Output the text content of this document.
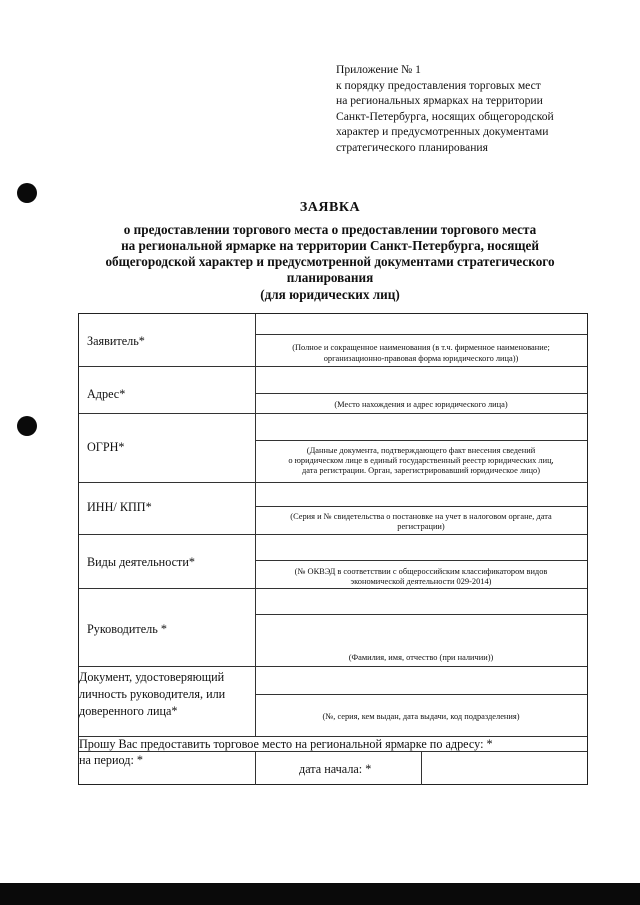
Приложение № 1
к порядку предоставления торговых мест
на региональных ярмарках на территории
Санкт-Петербурга, носящих общегородской
характер и предусмотренных документами
стратегического планирования
ЗАЯВКА
о предоставлении торгового места о предоставлении торгового места
на региональной ярмарке на территории Санкт-Петербурга, носящей
общегородской характер и предусмотренной документами стратегического
планирования
(для юридических лиц)
Заявитель*
Адрес*
ОГРН*
ИНН/ КПП*
Виды деятельности*
Руководитель *
Документ, удостоверяющий
личность руководителя, или
доверенного лица*
Прошу Вас предоставить торговое место на региональной ярмарке по адресу: *
на период: *
дата начала: *
(Полное и сокращенное наименования (в т.ч. фирменное наименование;
организационно-правовая форма юридического лица))
(Место нахождения и адрес юридического лица)
(Данные документа, подтверждающего факт внесения сведений
о юридическом лице в единый государственный реестр юридических лиц,
дата регистрации. Орган, зарегистрировавший юридическое лицо)
(Серия и № свидетельства о постановке на учет в налоговом органе, дата
регистрации)
(№ ОКВЭД в соответствии с общероссийским классификатором видов
экономической деятельности 029-2014)
(Фамилия, имя, отчество (при наличии))
(№, серия, кем выдан, дата выдачи, код подразделения)
